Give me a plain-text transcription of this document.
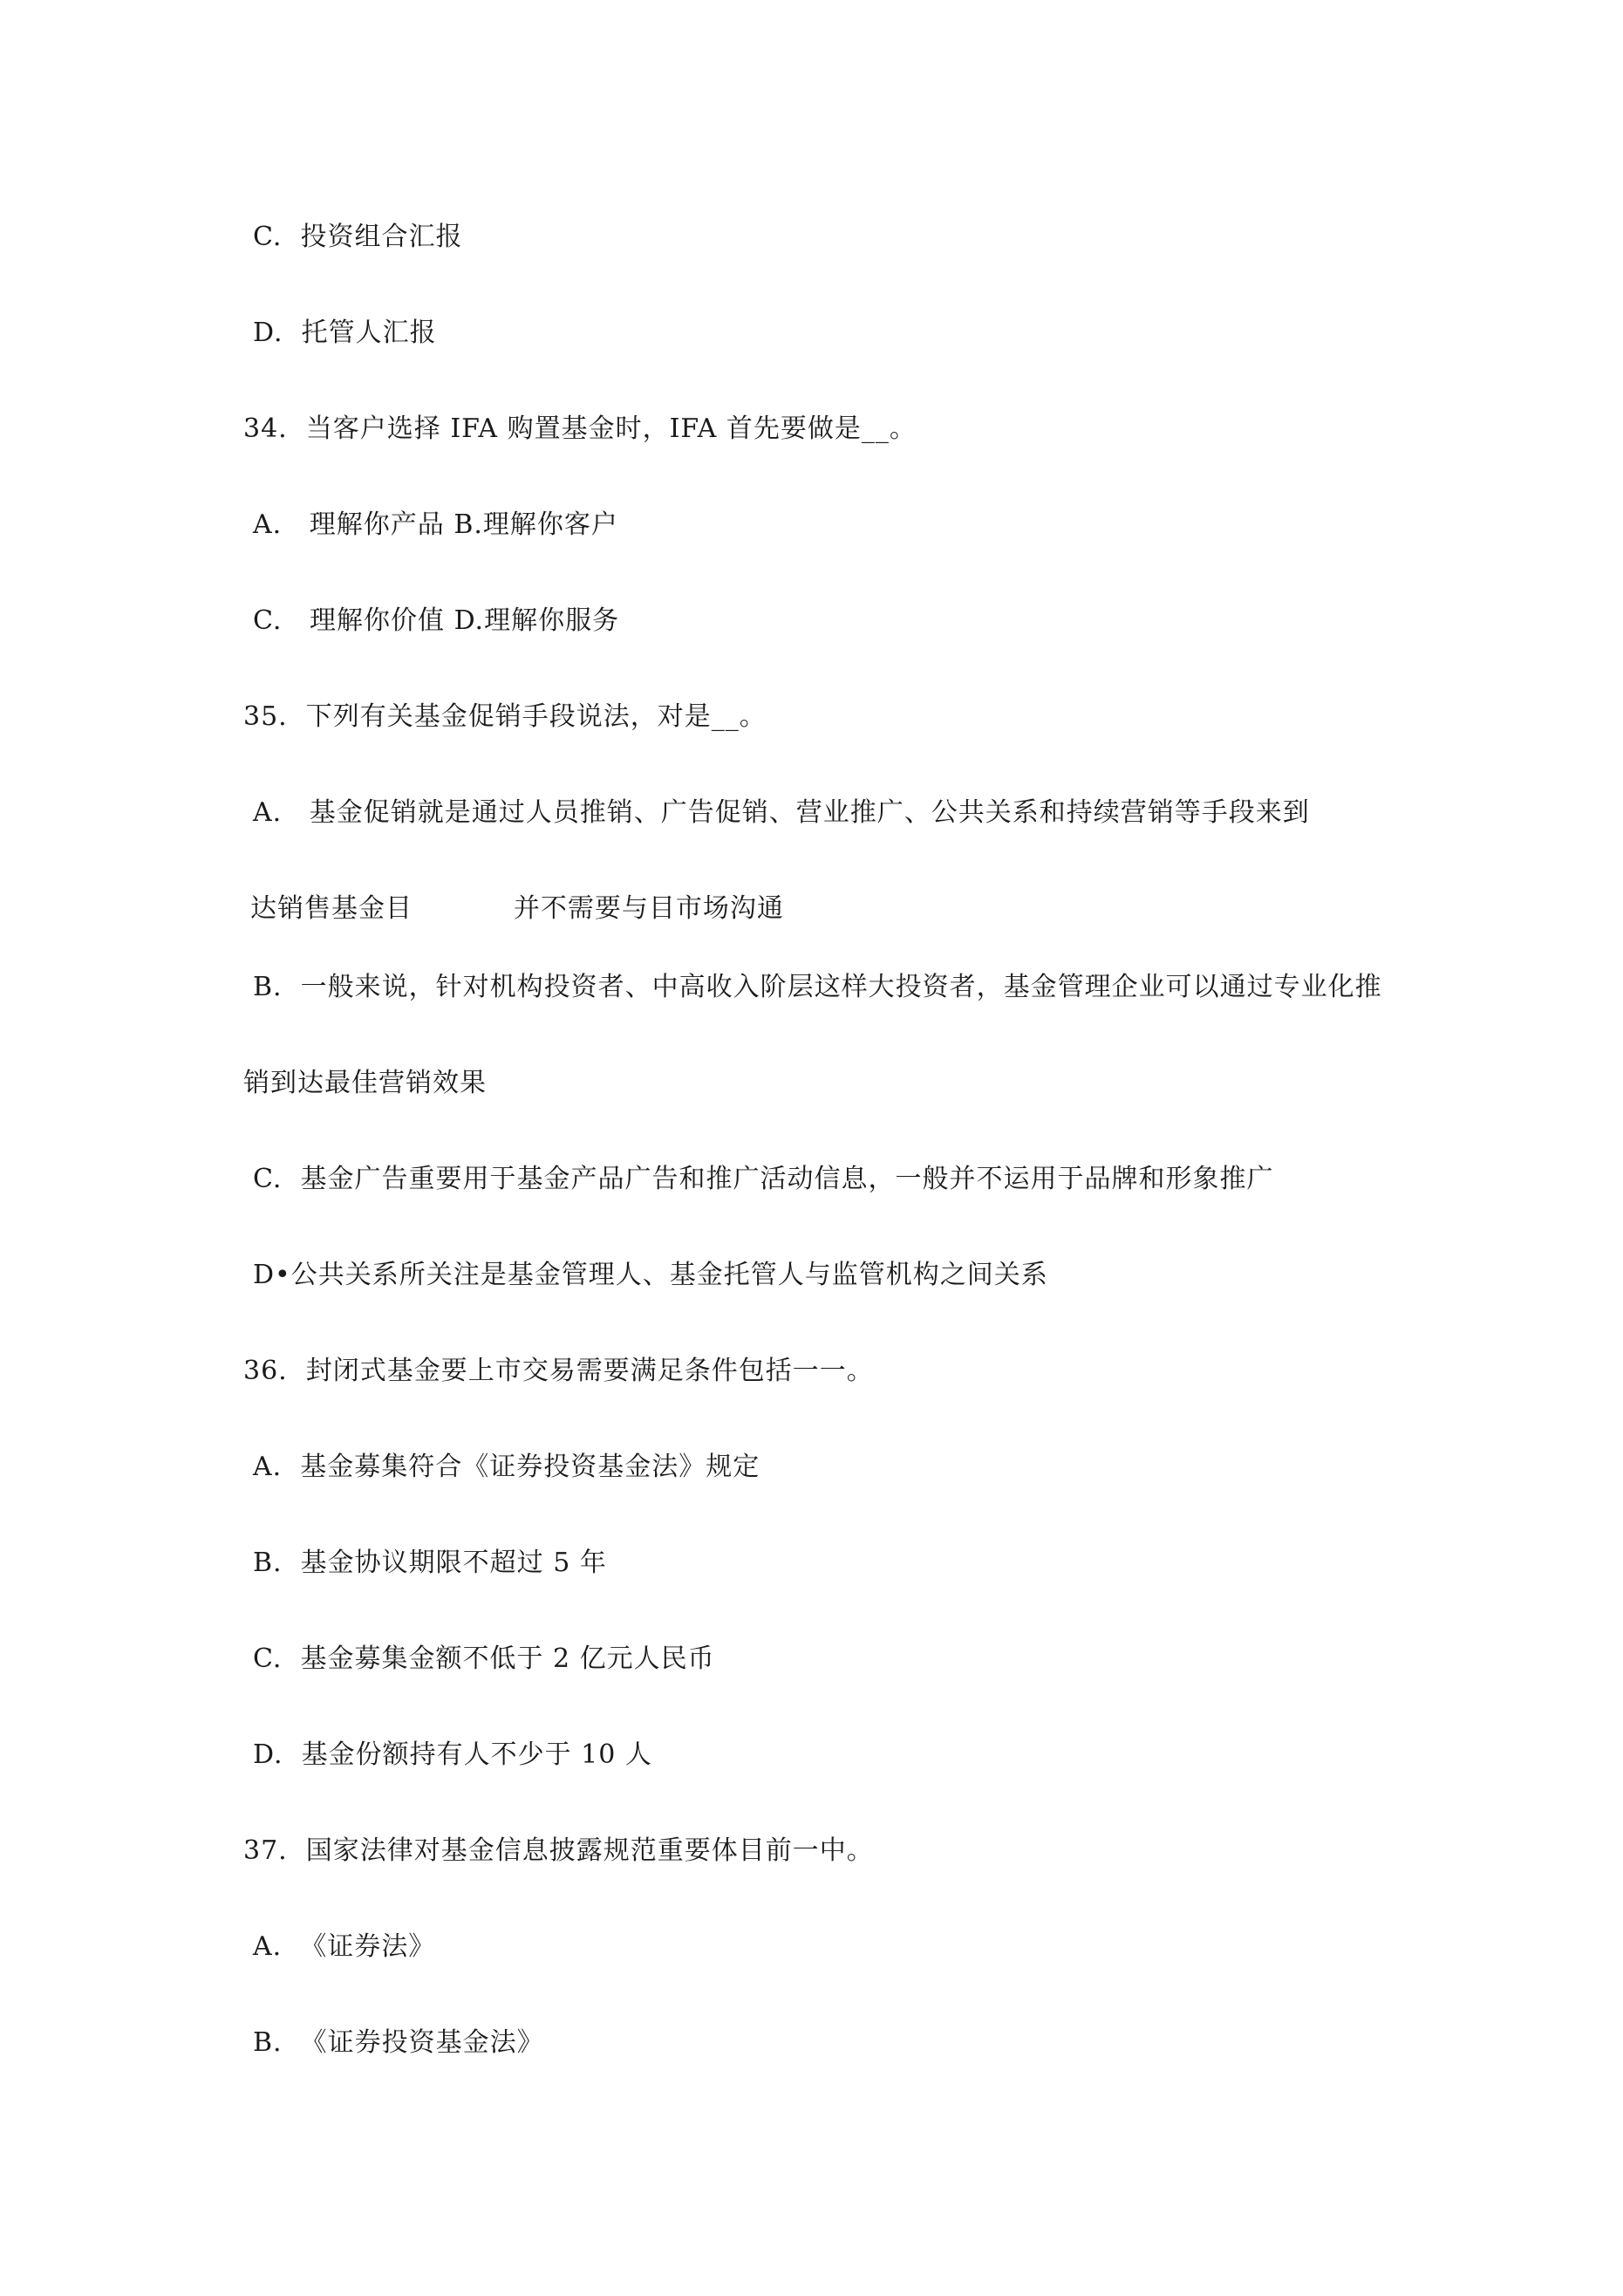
C.  投资组合汇报
D.  托管人汇报
34.  当客户选择 IFA 购置基金时，IFA 首先要做是__。
A.   理解你产品 B.理解你客户
C.   理解你价值 D.理解你服务
35.  下列有关基金促销手段说法，对是__。
A.   基金促销就是通过人员推销、广告促销、营业推广、公共关系和持续营销等手段来到
达销售基金目           并不需要与目市场沟通
B.  一般来说，针对机构投资者、中高收入阶层这样大投资者，基金管理企业可以通过专业化推
销到达最佳营销效果
C.  基金广告重要用于基金产品广告和推广活动信息，一般并不运用于品牌和形象推广
D•公共关系所关注是基金管理人、基金托管人与监管机构之间关系
36.  封闭式基金要上市交易需要满足条件包括一一。
A.  基金募集符合《证券投资基金法》规定
B.  基金协议期限不超过 5 年
C.  基金募集金额不低于 2 亿元人民币
D.  基金份额持有人不少于 10 人
37.  国家法律对基金信息披露规范重要体目前一中。
A.  《证券法》
B.  《证券投资基金法》
